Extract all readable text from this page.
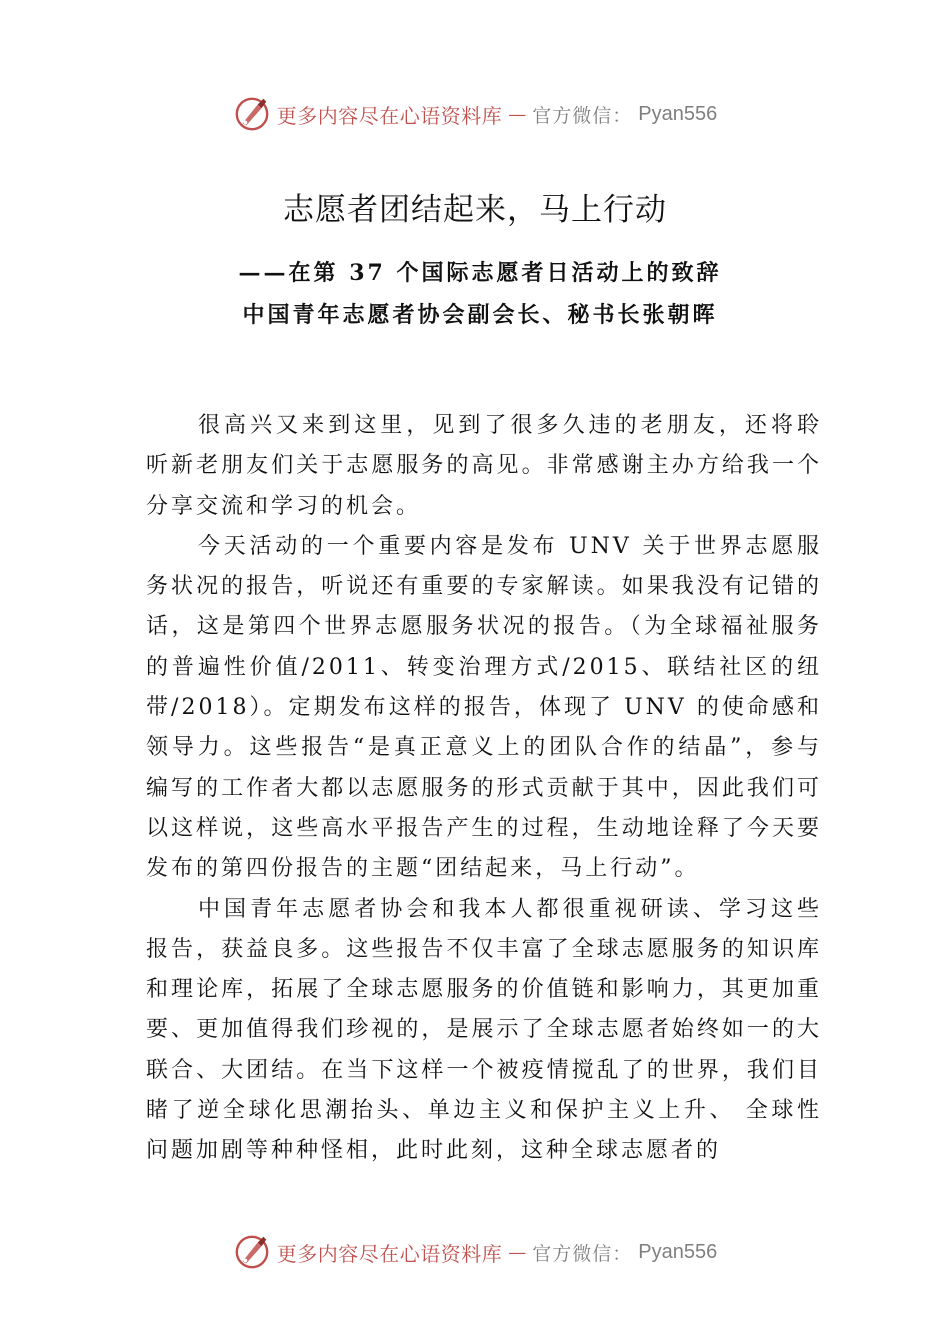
更多内容尽在心语资料库 — 官方微信： Pyan556
志愿者团结起来，马上行动
——在第 37 个国际志愿者日活动上的致辞中国青年志愿者协会副会长、秘书长张朝晖

很高兴又来到这里，见到了很多久违的老朋友，还将聆听新老朋友们关于志愿服务的高见。非常感谢主办方给我一个分享交流和学习的机会。

今天活动的一个重要内容是发布 UNV 关于世界志愿服务状况的报告，听说还有重要的专家解读。如果我没有记错的话，这是第四个世界志愿服务状况的报告。（为全球福祉服务的普遍性价值/2011、转变治理方式/2015、联结社区的纽带/2018）。定期发布这样的报告，体现了 UNV 的使命感和领导力。这些报告“是真正意义上的团队合作的结晶”，参与编写的工作者大都以志愿服务的形式贡献于其中，因此我们可以这样说，这些高水平报告产生的过程，生动地诠释了今天要发布的第四份报告的主题“团结起来，马上行动”。

中国青年志愿者协会和我本人都很重视研读、学习这些报告，获益良多。这些报告不仅丰富了全球志愿服务的知识库和理论库，拓展了全球志愿服务的价值链和影响力，其更加重要、更加值得我们珍视的，是展示了全球志愿者始终如一的大联合、大团结。在当下这样一个被疫情搅乱了的世界，我们目睹了逆全球化思潮抬头、单边主义和保护主义上升、 全球性问题加剧等种种怪相，此时此刻，这种全球志愿者的

更多内容尽在心语资料库 — 官方微信： Pyan556
